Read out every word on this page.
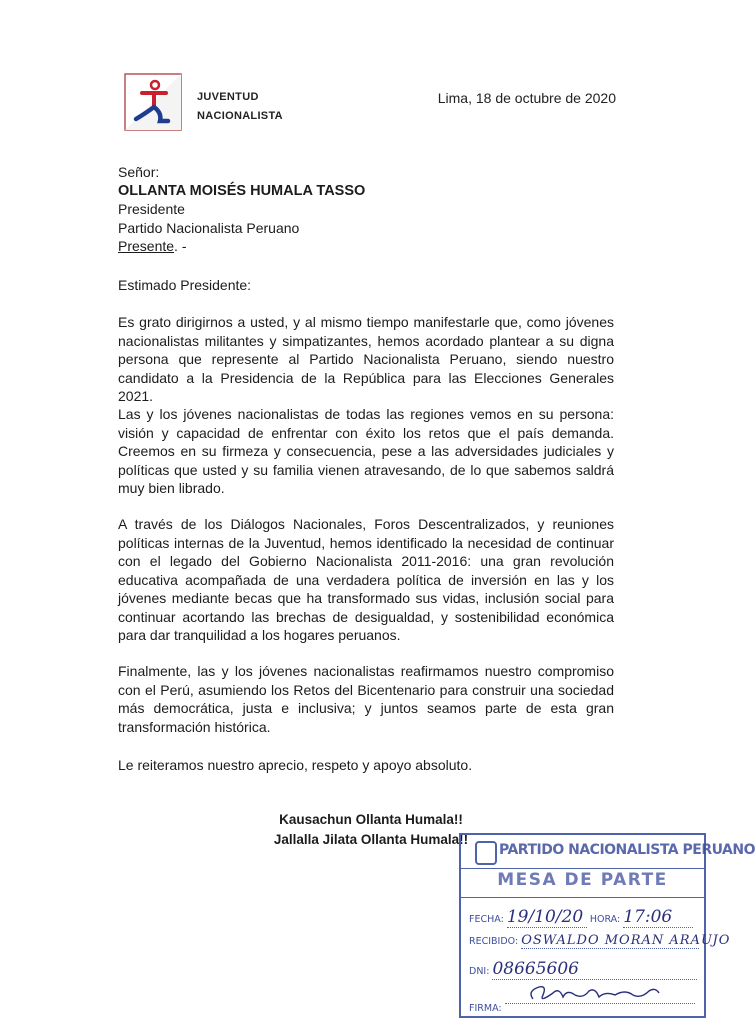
JUVENTUD
NACIONALISTA
Lima, 18 de octubre de 2020
Señor:
OLLANTA MOISÉS HUMALA TASSO
Presidente
Partido Nacionalista Peruano
Presente. -
Estimado Presidente:
Es grato dirigirnos a usted, y al mismo tiempo manifestarle que, como jóvenes nacionalistas militantes y simpatizantes, hemos acordado plantear a su digna persona que represente al Partido Nacionalista Peruano, siendo nuestro candidato a la Presidencia de la República para las Elecciones Generales 2021.
Las y los jóvenes nacionalistas de todas las regiones vemos en su persona: visión y capacidad de enfrentar con éxito los retos que el país demanda. Creemos en su firmeza y consecuencia, pese a las adversidades judiciales y políticas que usted y su familia vienen atravesando, de lo que sabemos saldrá muy bien librado.
A través de los Diálogos Nacionales, Foros Descentralizados, y reuniones políticas internas de la Juventud, hemos identificado la necesidad de continuar con el legado del Gobierno Nacionalista 2011-2016: una gran revolución educativa acompañada de una verdadera política de inversión en las y los jóvenes mediante becas que ha transformado sus vidas, inclusión social para continuar acortando las brechas de desigualdad, y sostenibilidad económica para dar tranquilidad a los hogares peruanos.
Finalmente, las y los jóvenes nacionalistas reafirmamos nuestro compromiso con el Perú, asumiendo los Retos del Bicentenario para construir una sociedad más democrática, justa e inclusiva; y juntos seamos parte de esta gran transformación histórica.
Le reiteramos nuestro aprecio, respeto y apoyo absoluto.
Kausachun Ollanta Humala!!
Jallalla Jilata Ollanta Humala!!
PARTIDO NACIONALISTA PERUANO
MESA DE PARTE
FECHA: 19/10/20 HORA: 17:06
RECIBIDO: OSWALDO MORAN ARAUJO
DNI: 08665606
FIRMA:
